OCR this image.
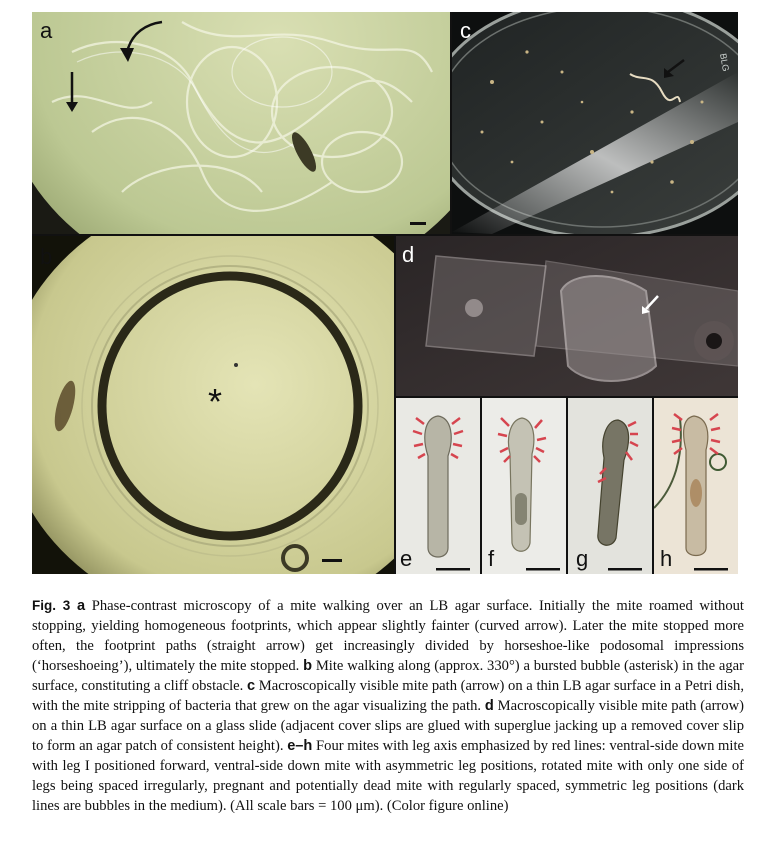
a
BLG
c
*
b	d
e	f	g	h

Fig. 3 a Phase-contrast microscopy of a mite walking over an LB agar surface. Initially the mite roamed without stopping, yielding homogeneous footprints, which appear slightly fainter (curved arrow). Later the mite stopped more often, the footprint paths (straight arrow) get increasingly divided by horseshoe-like podosomal impressions (‘horseshoeing’), ultimately the mite stopped. b Mite walking along (approx. 330°) a bursted bubble (asterisk) in the agar surface, constituting a cliff obstacle. c Macroscopically visible mite path (arrow) on a thin LB agar surface in a Petri dish, with the mite stripping of bacteria that grew on the agar visualizing the path. d Macroscopically visible mite path (arrow) on a thin LB agar surface on a glass slide (adjacent cover slips are glued with superglue jacking up a removed cover slip to form an agar patch of consistent height). e–h Four mites with leg axis emphasized by red lines: ventral-side down mite with leg I positioned forward, ventral-side down mite with asymmetric leg positions, rotated mite with only one side of legs being spaced irregularly, pregnant and potentially dead mite with regularly spaced, symmetric leg positions (dark lines are bubbles in the medium). (All scale bars = 100 μm). (Color figure online)
